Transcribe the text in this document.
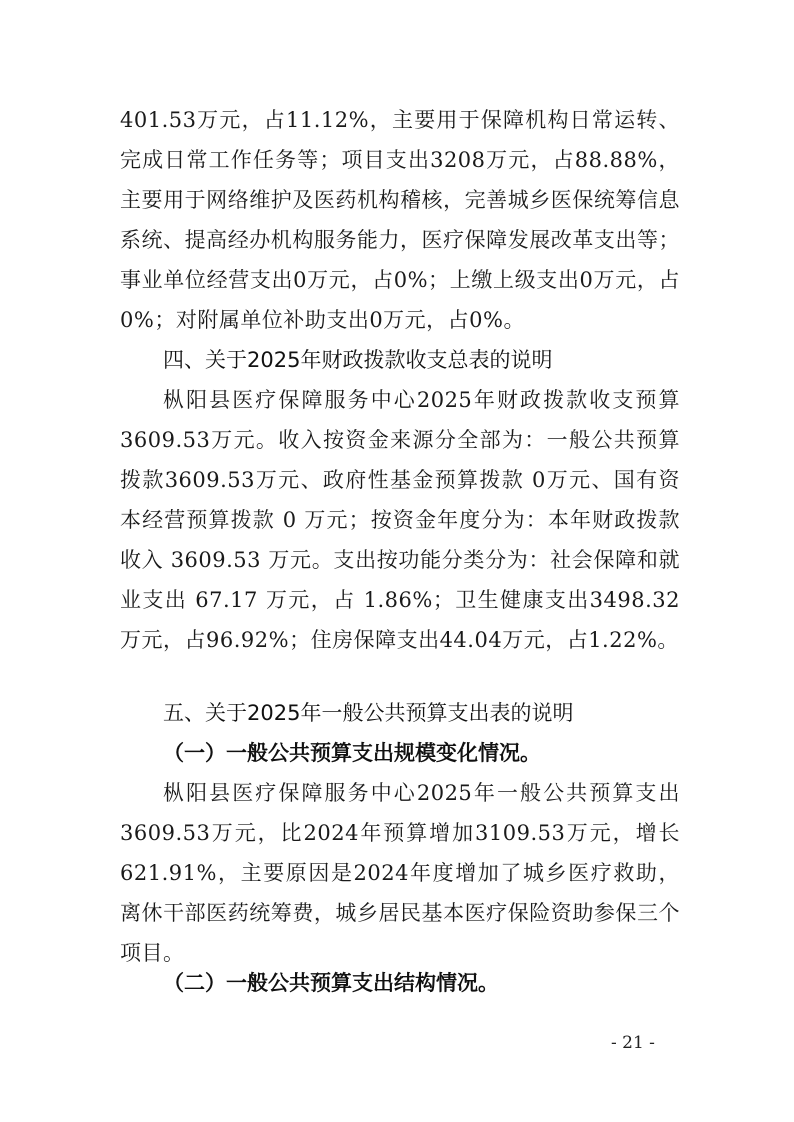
401.53万元，占11.12%，主要用于保障机构日常运转、完成日常工作任务等；项目支出3208万元，占88.88%，主要用于网络维护及医药机构稽核，完善城乡医保统筹信息系统、提高经办机构服务能力，医疗保障发展改革支出等；事业单位经营支出0万元，占0%；上缴上级支出0万元，占0%；对附属单位补助支出0万元，占0%。
四、关于2025年财政拨款收支总表的说明
枞阳县医疗保障服务中心2025年财政拨款收支预算3609.53万元。收入按资金来源分全部为：一般公共预算拨款3609.53万元、政府性基金预算拨款 0万元、国有资本经营预算拨款 0 万元；按资金年度分为：本年财政拨款收入 3609.53 万元。支出按功能分类分为：社会保障和就业支出 67.17 万元，占 1.86%；卫生健康支出3498.32万元，占96.92%；住房保障支出44.04万元，占1.22%。
五、关于2025年一般公共预算支出表的说明
（一）一般公共预算支出规模变化情况。
枞阳县医疗保障服务中心2025年一般公共预算支出3609.53万元，比2024年预算增加3109.53万元，增长621.91%，主要原因是2024年度增加了城乡医疗救助，离休干部医药统筹费，城乡居民基本医疗保险资助参保三个项目。
（二）一般公共预算支出结构情况。
- 21 -
